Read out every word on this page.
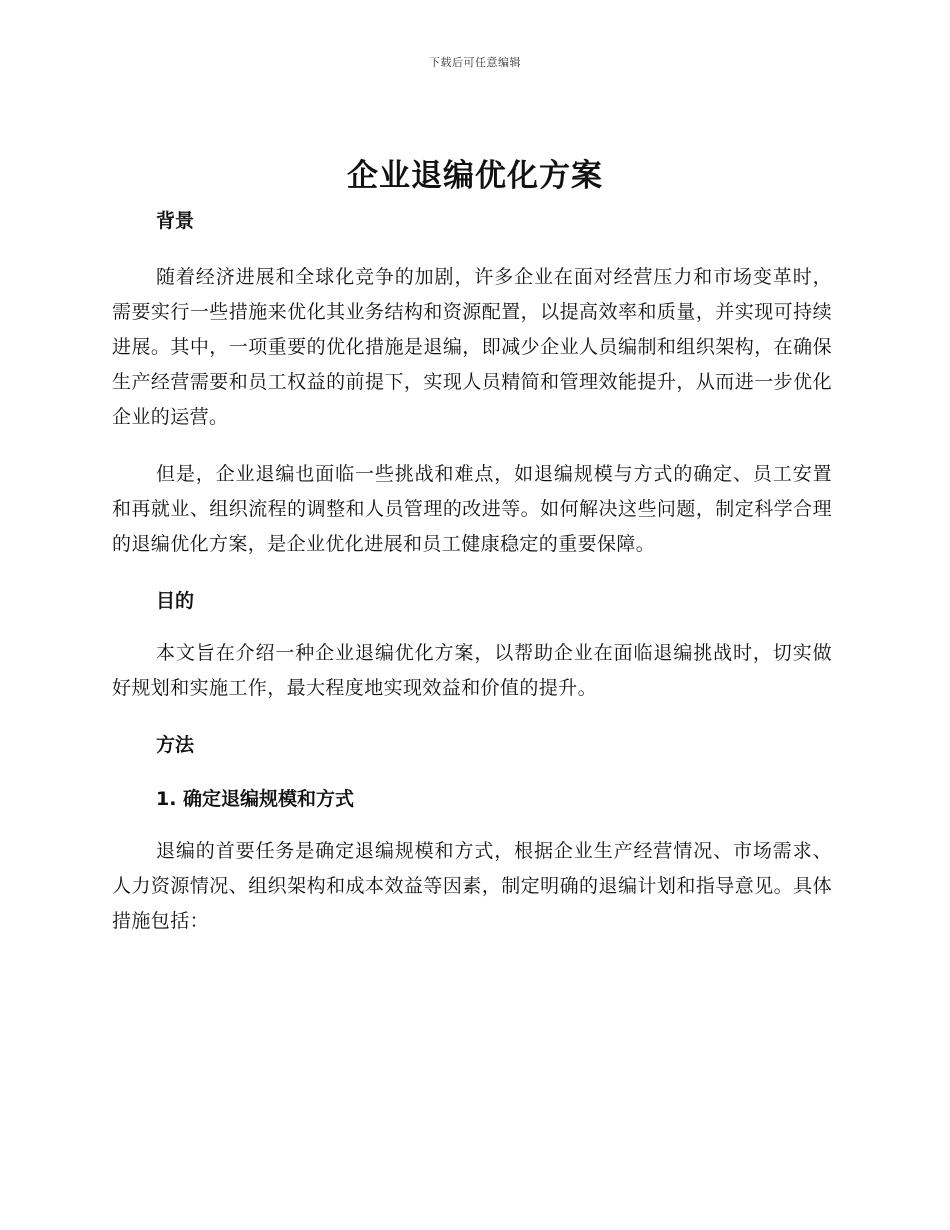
下载后可任意编辑
企业退编优化方案

背景

随着经济进展和全球化竞争的加剧，许多企业在面对经营压力和市场变革时，需要实行一些措施来优化其业务结构和资源配置，以提高效率和质量，并实现可持续进展。其中，一项重要的优化措施是退编，即减少企业人员编制和组织架构，在确保生产经营需要和员工权益的前提下，实现人员精简和管理效能提升，从而进一步优化企业的运营。

但是，企业退编也面临一些挑战和难点，如退编规模与方式的确定、员工安置和再就业、组织流程的调整和人员管理的改进等。如何解决这些问题，制定科学合理的退编优化方案，是企业优化进展和员工健康稳定的重要保障。

目的

本文旨在介绍一种企业退编优化方案，以帮助企业在面临退编挑战时，切实做好规划和实施工作，最大程度地实现效益和价值的提升。

方法

1. 确定退编规模和方式

退编的首要任务是确定退编规模和方式，根据企业生产经营情况、市场需求、人力资源情况、组织架构和成本效益等因素，制定明确的退编计划和指导意见。具体措施包括：
